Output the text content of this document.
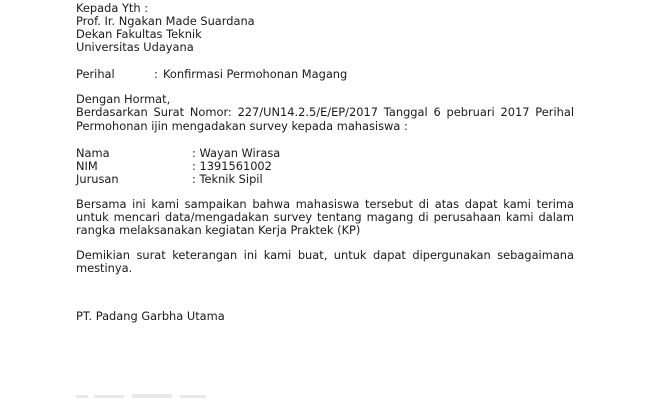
Kepada Yth :
Prof. Ir. Ngakan Made Suardana
Dekan Fakultas Teknik
Universitas Udayana
Perihal	: Konfirmasi Permohonan Magang
Dengan Hormat,
Berdasarkan Surat Nomor: 227/UN14.2.5/E/EP/2017 Tanggal 6 pebruari 2017 Perihal
Permohonan ijin mengadakan survey kepada mahasiswa :
Nama	: Wayan Wirasa
NIM	: 1391561002
Jurusan	: Teknik Sipil
Bersama ini kami sampaikan bahwa mahasiswa tersebut di atas dapat kami terima
untuk mencari data/mengadakan survey tentang magang di perusahaan kami dalam
rangka melaksanakan kegiatan Kerja Praktek (KP)
Demikian surat keterangan ini kami buat, untuk dapat dipergunakan sebagaimana
mestinya.
PT. Padang Garbha Utama
